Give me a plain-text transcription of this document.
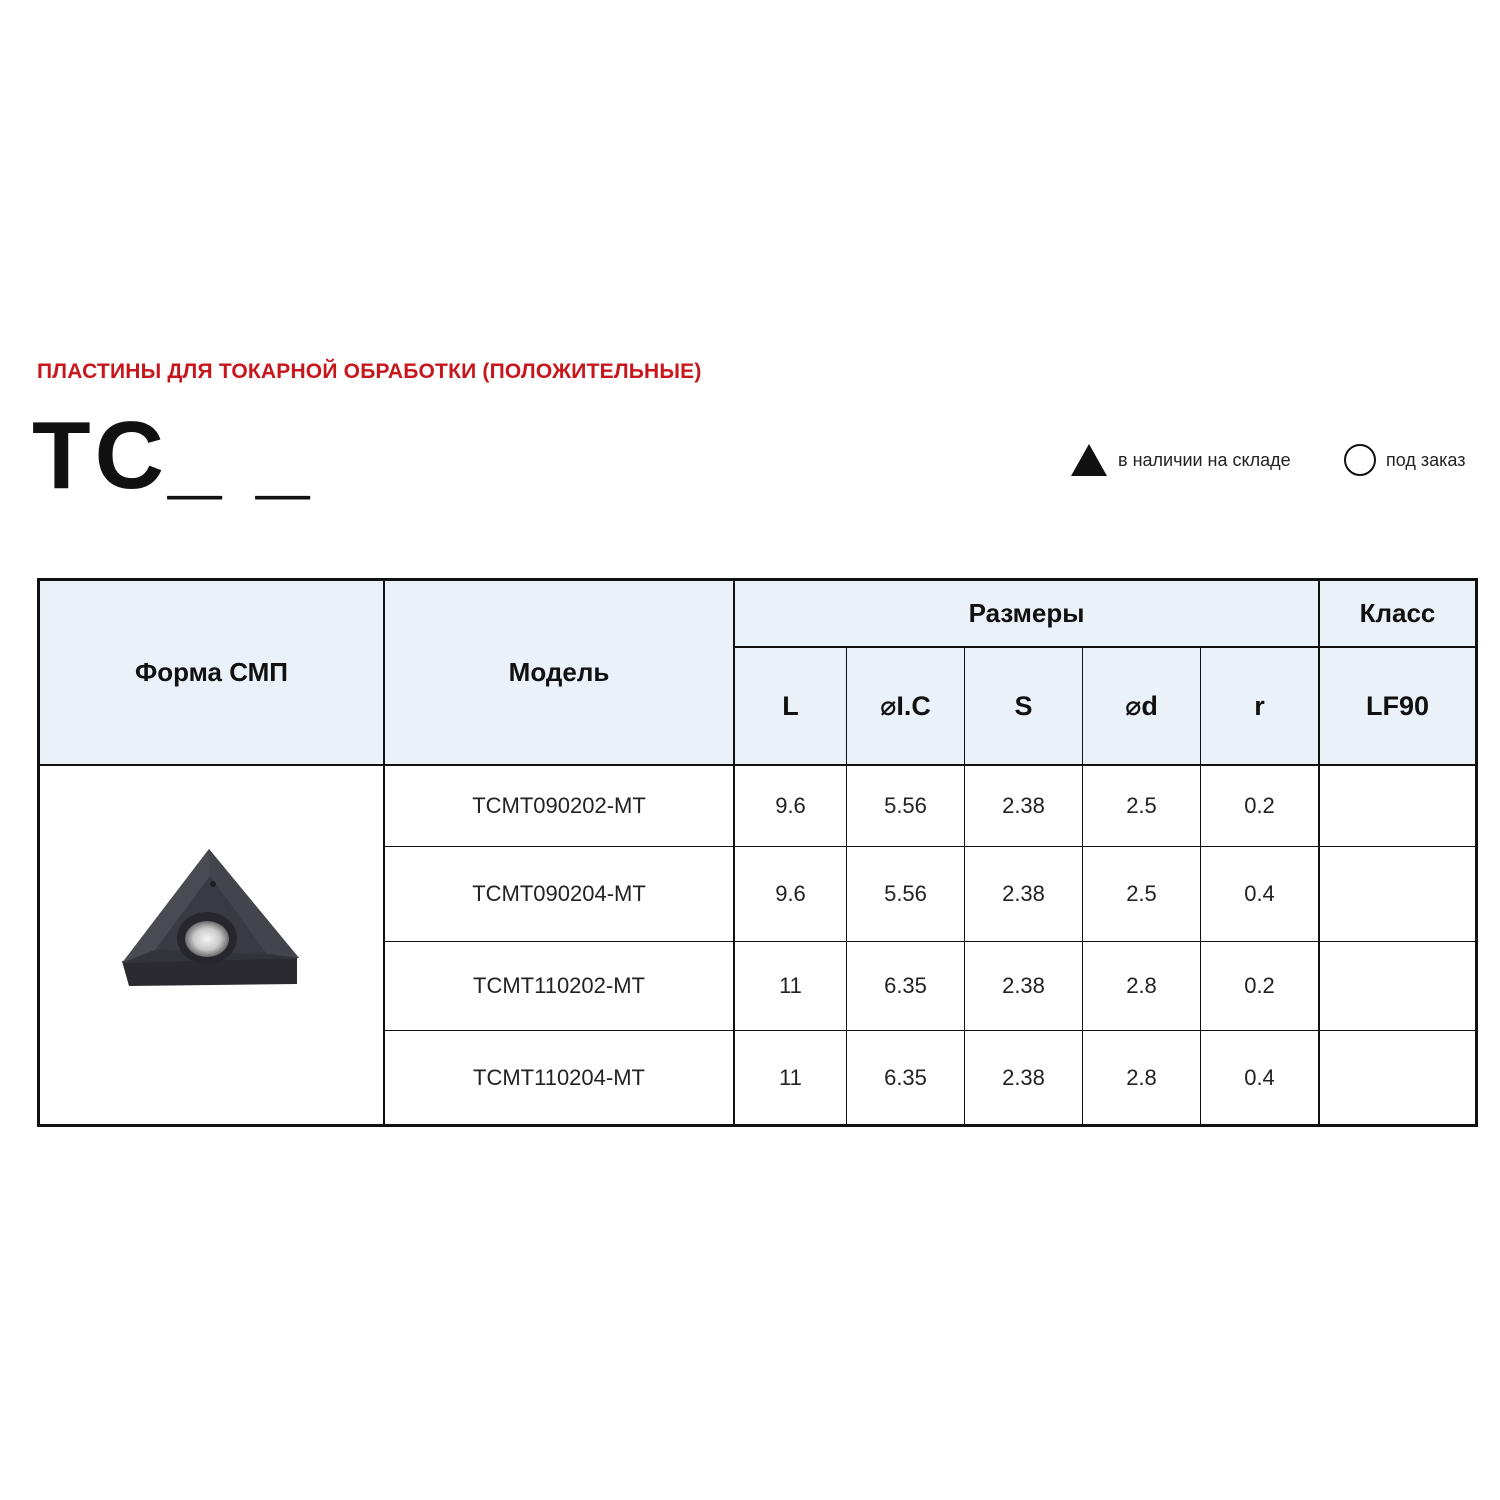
ПЛАСТИНЫ ДЛЯ ТОКАРНОЙ ОБРАБОТКИ (ПОЛОЖИТЕЛЬНЫЕ)
TC_ _	в наличии на складе	под заказ
Форма СМП	Модель
Размеры	Класс
L	⌀I.C	S	⌀d	r	LF90
TCMT090202-MT	9.6	5.56	2.38	2.5	0.2
TCMT090204-MT	9.6	5.56	2.38	2.5	0.4
TCMT110202-MT	11	6.35	2.38	2.8	0.2
TCMT110204-MT	11	6.35	2.38	2.8	0.4
